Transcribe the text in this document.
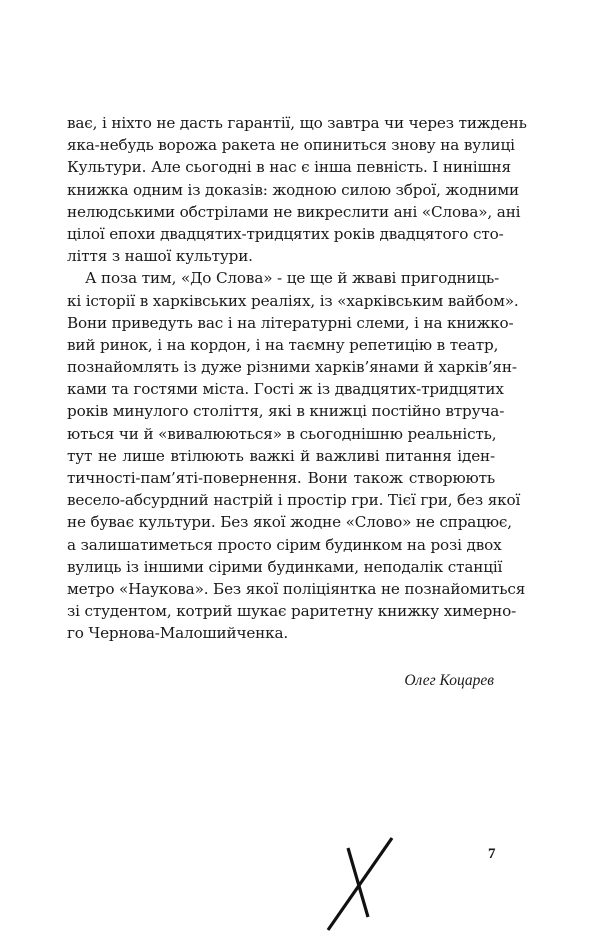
ває, і ніхто не дасть гарантії, що завтра чи через тиждень
яка-небудь ворожа ракета не опиниться знову на вулиці
Культури. Але сьогодні в нас є інша певність. І нинішня
книжка одним із доказів: жодною силою зброї, жодними
нелюдськими обстрілами не викреслити ані «Слова», ані
цілої епохи двадцятих-тридцятих років двадцятого сто-
ліття з нашої культури.
А поза тим, «До Слова» - це ще й жваві пригодниць-
кі історії в харківських реаліях, із «харківським вайбом».
Вони приведуть вас і на літературні слеми, і на книжко-
вий ринок, і на кордон, і на таємну репетицію в театр,
познайомлять із дуже різними харків’янами й харків’ян-
ками та гостями міста. Гості ж із двадцятих-тридцятих
років минулого століття, які в книжці постійно втруча-
ються чи й «вивалюються» в сьогоднішню реальність,
тут не лише втілюють важкі й важливі питання іден-
тичності-пам’яті-повернення. Вони також створюють
весело-абсурдний настрій і простір гри. Тієї гри, без якої
не буває культури. Без якої жодне «Слово» не спрацює,
а залишатиметься просто сірим будинком на розі двох
вулиць із іншими сірими будинками, неподалік станції
метро «Наукова». Без якої поліціянтка не познайомиться
зі студентом, котрий шукає раритетну книжку химерно-
го Чернова-Малошийченка.
Олег Коцарев
7
